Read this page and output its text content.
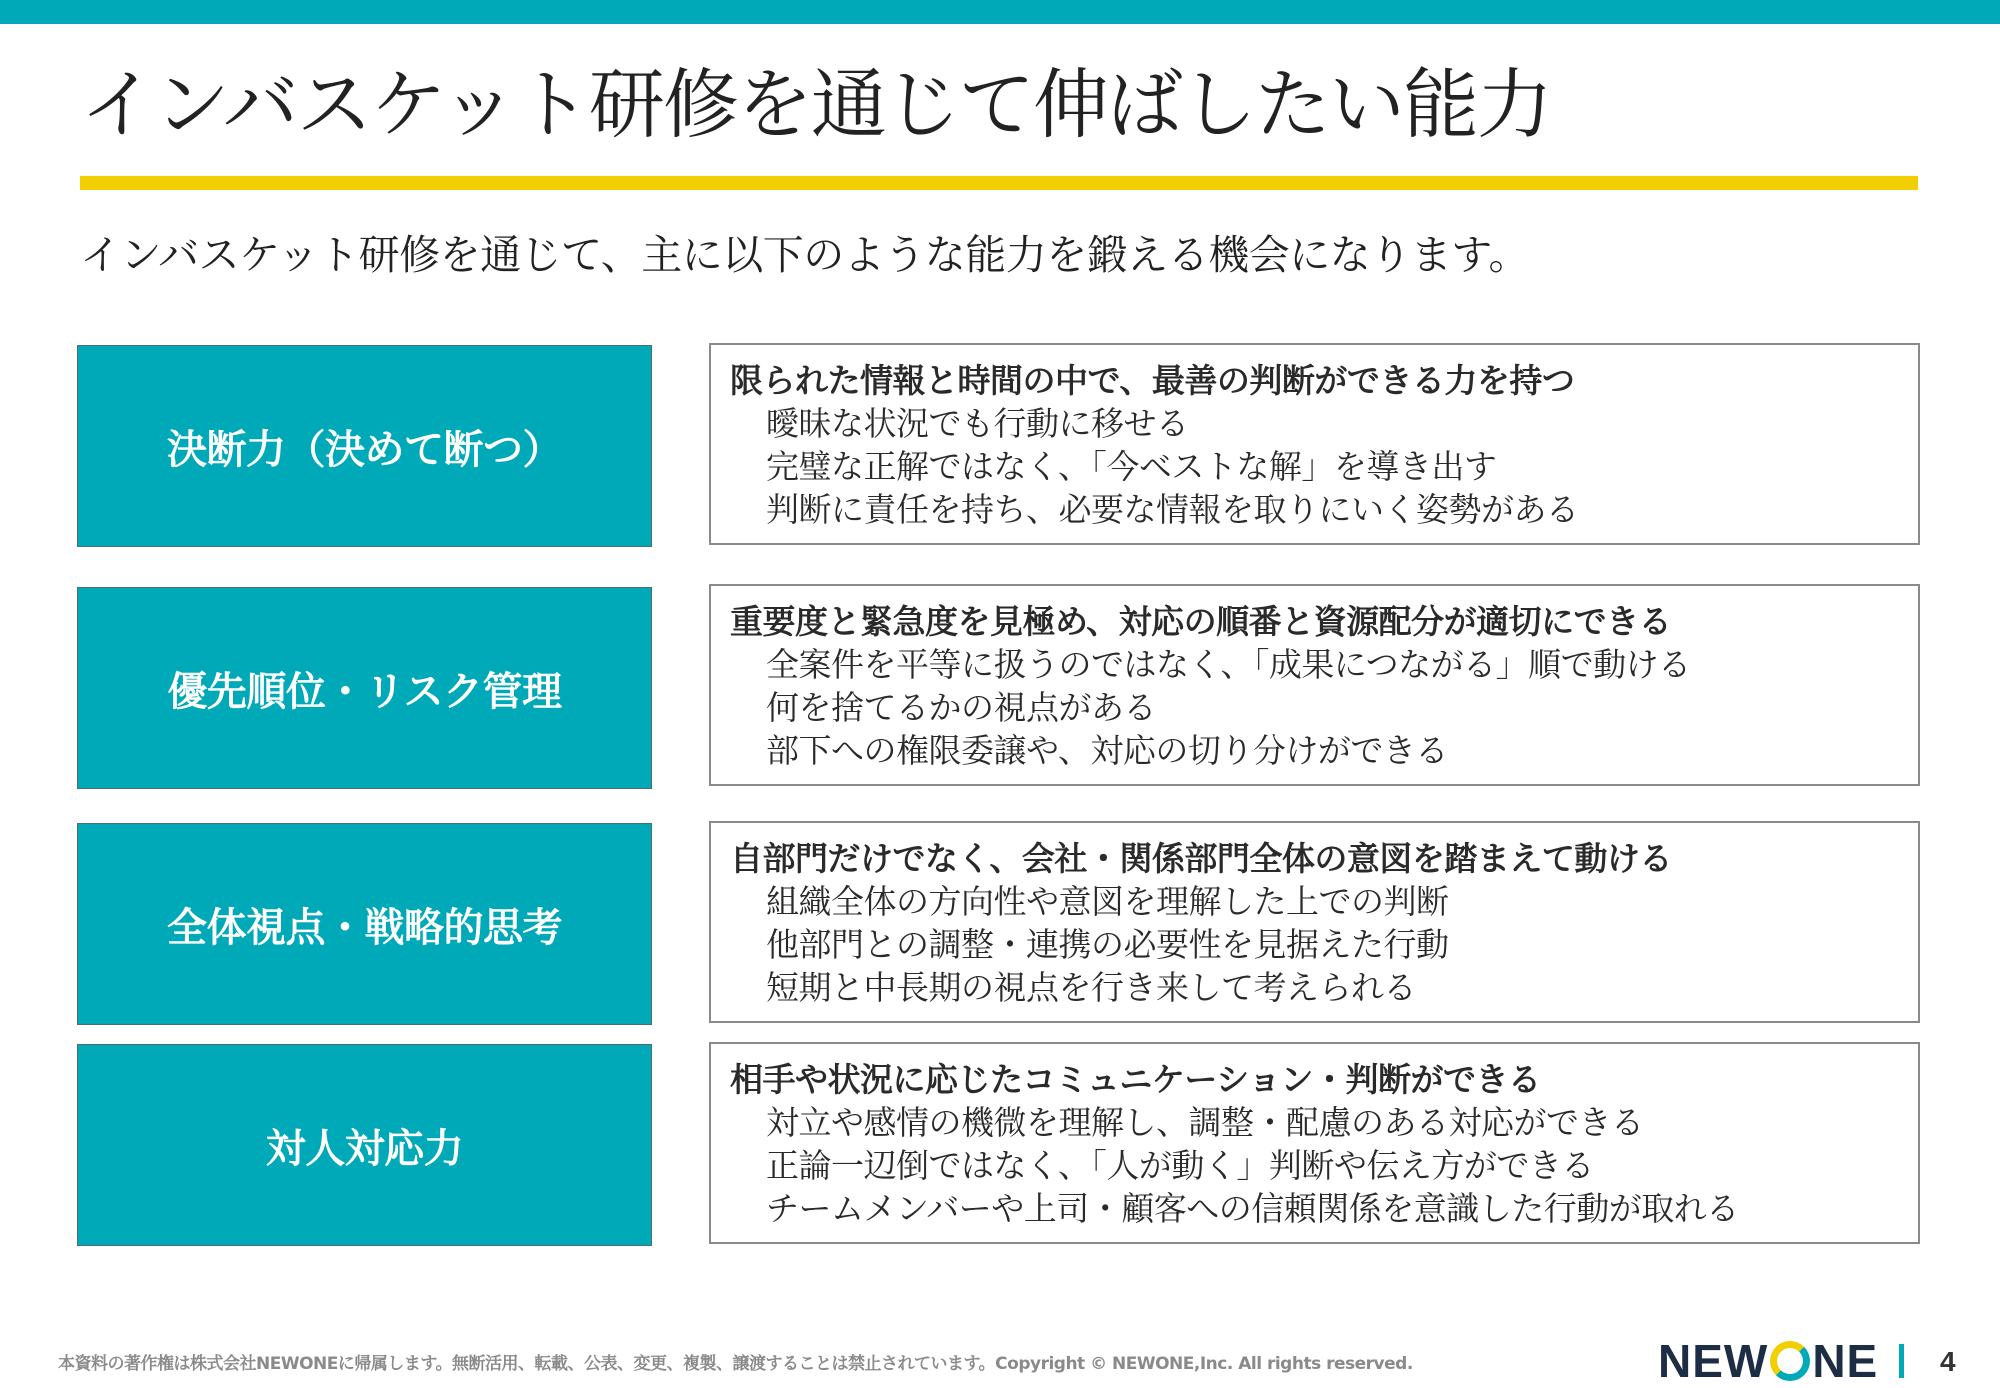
インバスケット研修を通じて伸ばしたい能力

インバスケット研修を通じて、主に以下のような能力を鍛える機会になります。

決断力（決めて断つ）
限られた情報と時間の中で、最善の判断ができる力を持つ
曖昧な状況でも行動に移せる
完璧な正解ではなく、「今ベストな解」を導き出す
判断に責任を持ち、必要な情報を取りにいく姿勢がある
優先順位・リスク管理
重要度と緊急度を見極め、対応の順番と資源配分が適切にできる
全案件を平等に扱うのではなく、「成果につながる」順で動ける
何を捨てるかの視点がある
部下への権限委譲や、対応の切り分けができる
全体視点・戦略的思考
自部門だけでなく、会社・関係部門全体の意図を踏まえて動ける
組織全体の方向性や意図を理解した上での判断
他部門との調整・連携の必要性を見据えた行動
短期と中長期の視点を行き来して考えられる
対人対応力
相手や状況に応じたコミュニケーション・判断ができる
対立や感情の機微を理解し、調整・配慮のある対応ができる
正論一辺倒ではなく、「人が動く」判断や伝え方ができる
チームメンバーや上司・顧客への信頼関係を意識した行動が取れる
本資料の著作権は株式会社NEWONEに帰属します。無断活用、転載、公表、変更、複製、譲渡することは禁止されています。Copyright © NEWONE,Inc. All rights reserved.	NEW NE 4
